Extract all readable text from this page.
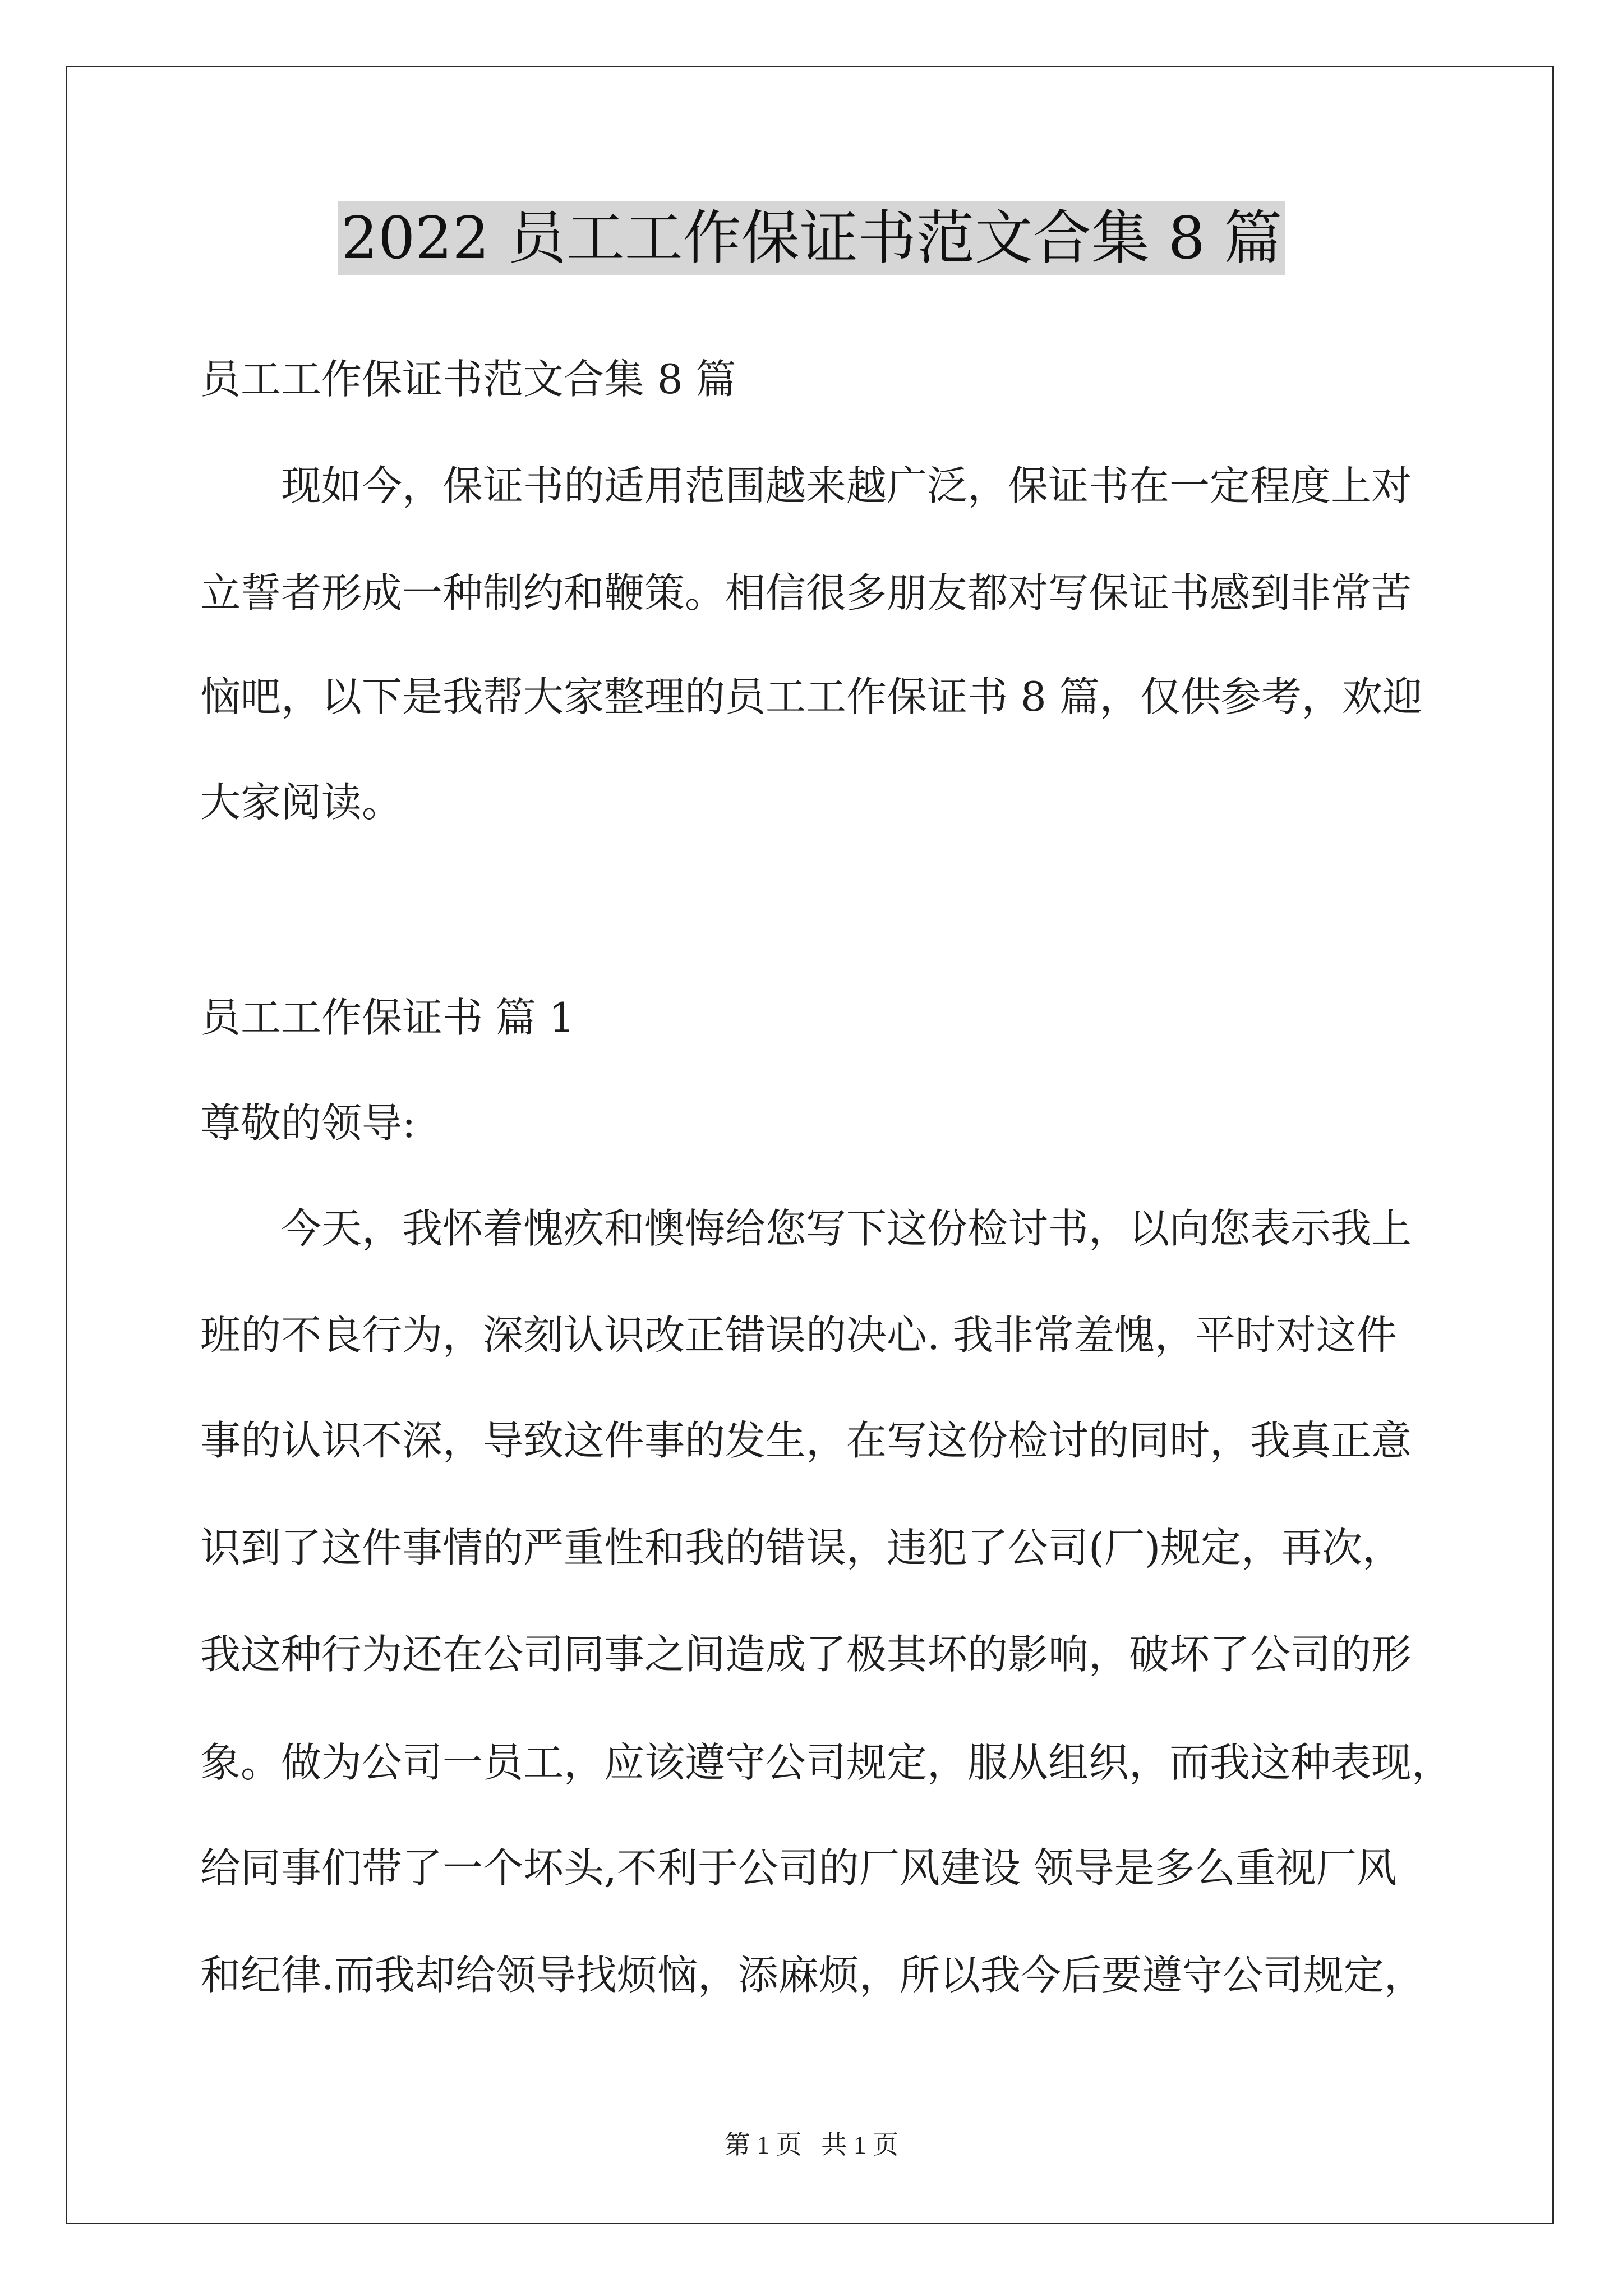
2022 员工工作保证书范文合集 8 篇
员工工作保证书范文合集 8 篇
现如今，保证书的适用范围越来越广泛，保证书在一定程度上对
立誓者形成一种制约和鞭策。相信很多朋友都对写保证书感到非常苦
恼吧，以下是我帮大家整理的员工工作保证书 8 篇，仅供参考，欢迎
大家阅读。
员工工作保证书 篇 1
尊敬的领导:
今天，我怀着愧疚和懊悔给您写下这份检讨书，以向您表示我上
班的不良行为，深刻认识改正错误的决心. 我非常羞愧，平时对这件
事的认识不深，导致这件事的发生，在写这份检讨的同时，我真正意
识到了这件事情的严重性和我的错误，违犯了公司(厂)规定，再次，
我这种行为还在公司同事之间造成了极其坏的影响，破坏了公司的形
象。做为公司一员工，应该遵守公司规定，服从组织，而我这种表现，
给同事们带了一个坏头,不利于公司的厂风建设 领导是多么重视厂风
和纪律.而我却给领导找烦恼，添麻烦，所以我今后要遵守公司规定，
第 1 页   共 1 页
